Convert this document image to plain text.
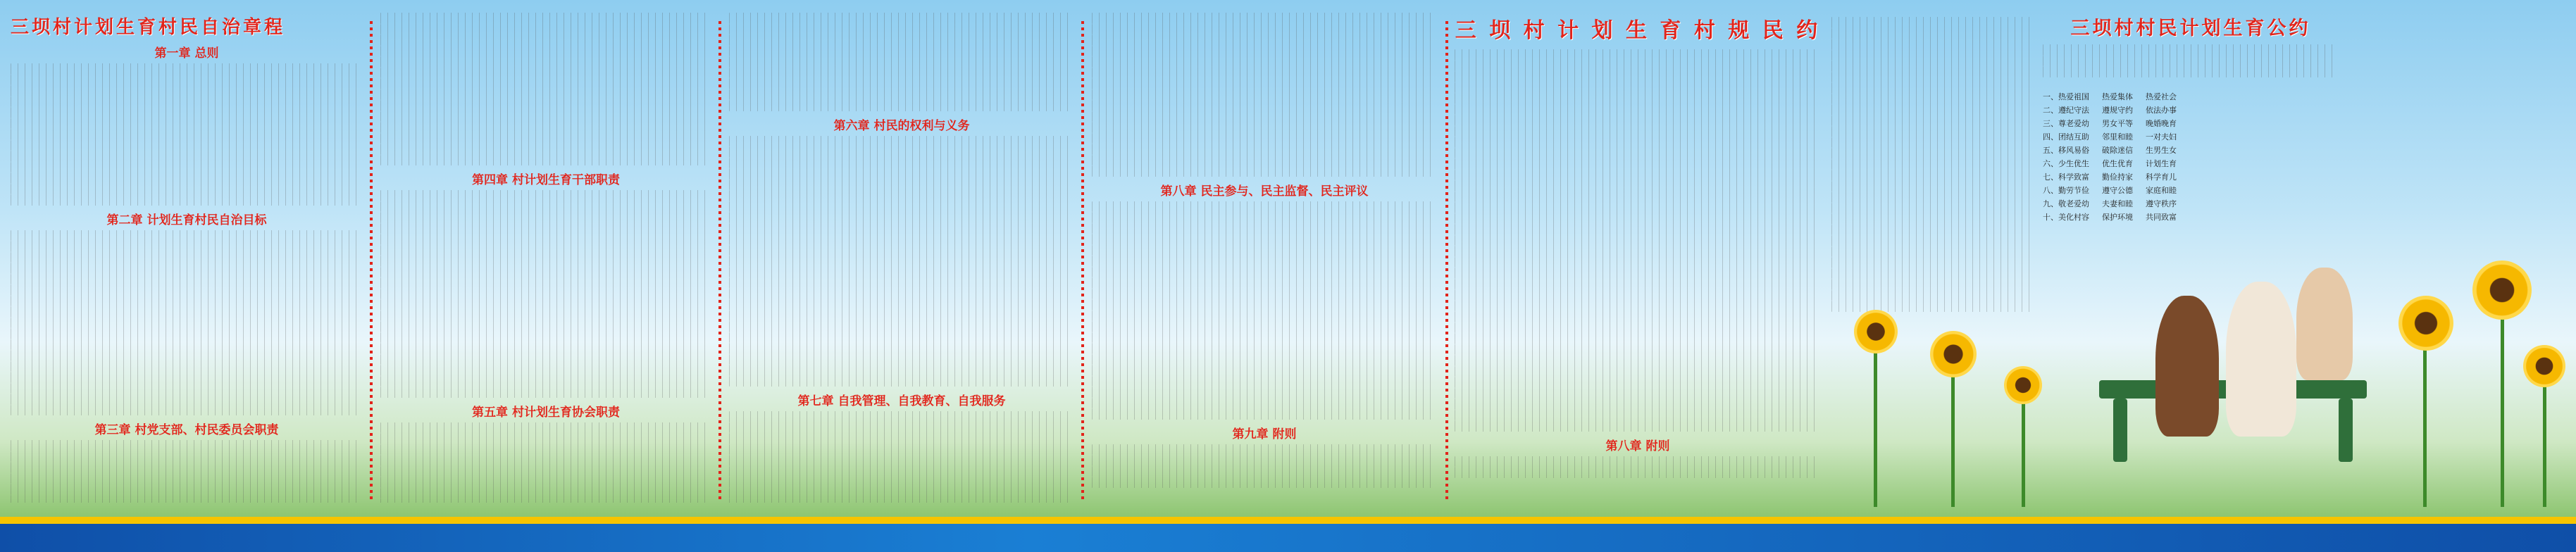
三坝村计划生育村民自治章程
第一章 总则
第二章 计划生育村民自治目标
第三章 村党支部、村民委员会职责
第四章 村计划生育干部职责
第五章 村计划生育协会职责
第六章 村民的权利与义务
第七章 自我管理、自我教育、自我服务
第八章 民主参与、民主监督、民主评议
第九章 附则
三 坝 村 计 划 生 育 村 规 民 约
第八章 附则
三坝村村民计划生育公约
一、热爱祖国
二、遵纪守法
三、尊老爱幼
四、团结互助
五、移风易俗
六、少生优生
七、科学致富
八、勤劳节俭
九、敬老爱幼
十、美化村容
热爱集体
遵规守约
男女平等
邻里和睦
破除迷信
优生优育
勤俭持家
遵守公德
夫妻和睦
保护环境
热爱社会
依法办事
晚婚晚育
一对夫妇
生男生女
计划生育
科学育儿
家庭和睦
遵守秩序
共同致富
